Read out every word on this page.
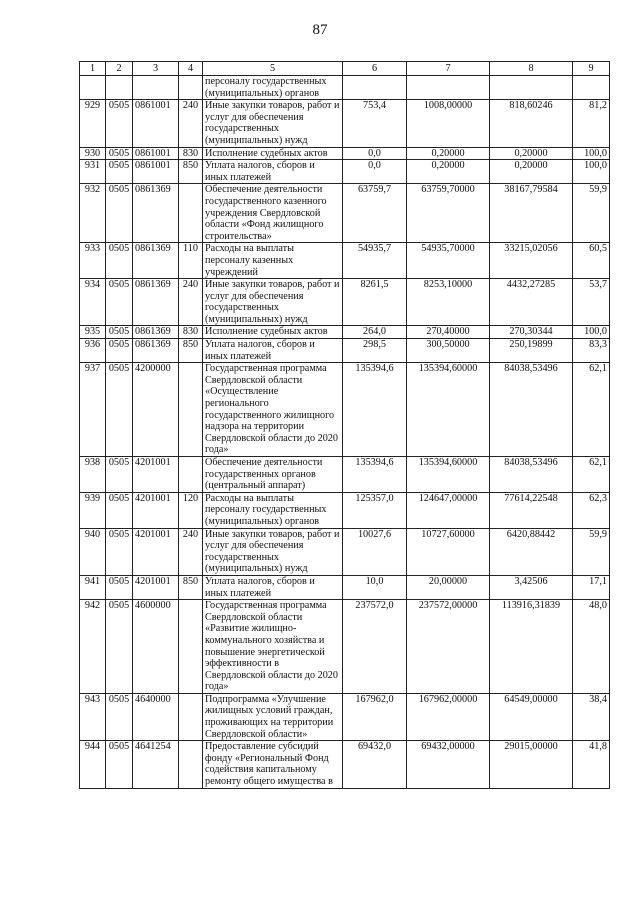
87
1	2	3	4	5	6	7	8	9
				персоналу государственных (муниципальных) органов				
929	0505	0861001	240	Иные закупки товаров, работ и услуг для обеспечения государственных (муниципальных) нужд	753,4	1008,00000	818,60246	81,2
930	0505	0861001	830	Исполнение судебных актов	0,0	0,20000	0,20000	100,0
931	0505	0861001	850	Уплата налогов, сборов и иных платежей	0,0	0,20000	0,20000	100,0
932	0505	0861369		Обеспечение деятельности государственного казенного учреждения Свердловской области «Фонд жилищного строительства»	63759,7	63759,70000	38167,79584	59,9
933	0505	0861369	110	Расходы на выплаты персоналу казенных учреждений	54935,7	54935,70000	33215,02056	60,5
934	0505	0861369	240	Иные закупки товаров, работ и услуг для обеспечения государственных (муниципальных) нужд	8261,5	8253,10000	4432,27285	53,7
935	0505	0861369	830	Исполнение судебных актов	264,0	270,40000	270,30344	100,0
936	0505	0861369	850	Уплата налогов, сборов и иных платежей	298,5	300,50000	250,19899	83,3
937	0505	4200000		Государственная программа Свердловской области «Осуществление регионального государственного жилищного надзора на территории Свердловской области до 2020 года»	135394,6	135394,60000	84038,53496	62,1
938	0505	4201001		Обеспечение деятельности государственных органов (центральный аппарат)	135394,6	135394,60000	84038,53496	62,1
939	0505	4201001	120	Расходы на выплаты персоналу государственных (муниципальных) органов	125357,0	124647,00000	77614,22548	62,3
940	0505	4201001	240	Иные закупки товаров, работ и услуг для обеспечения государственных (муниципальных) нужд	10027,6	10727,60000	6420,88442	59,9
941	0505	4201001	850	Уплата налогов, сборов и иных платежей	10,0	20,00000	3,42506	17,1
942	0505	4600000		Государственная программа Свердловской области «Развитие жилищно-коммунального хозяйства и повышение энергетической эффективности в Свердловской области до 2020 года»	237572,0	237572,00000	113916,31839	48,0
943	0505	4640000		Подпрограмма «Улучшение жилищных условий граждан, проживающих на территории Свердловской области»	167962,0	167962,00000	64549,00000	38,4
944	0505	4641254		Предоставление субсидий фонду «Региональный Фонд содействия капитальному ремонту общего имущества в	69432,0	69432,00000	29015,00000	41,8
